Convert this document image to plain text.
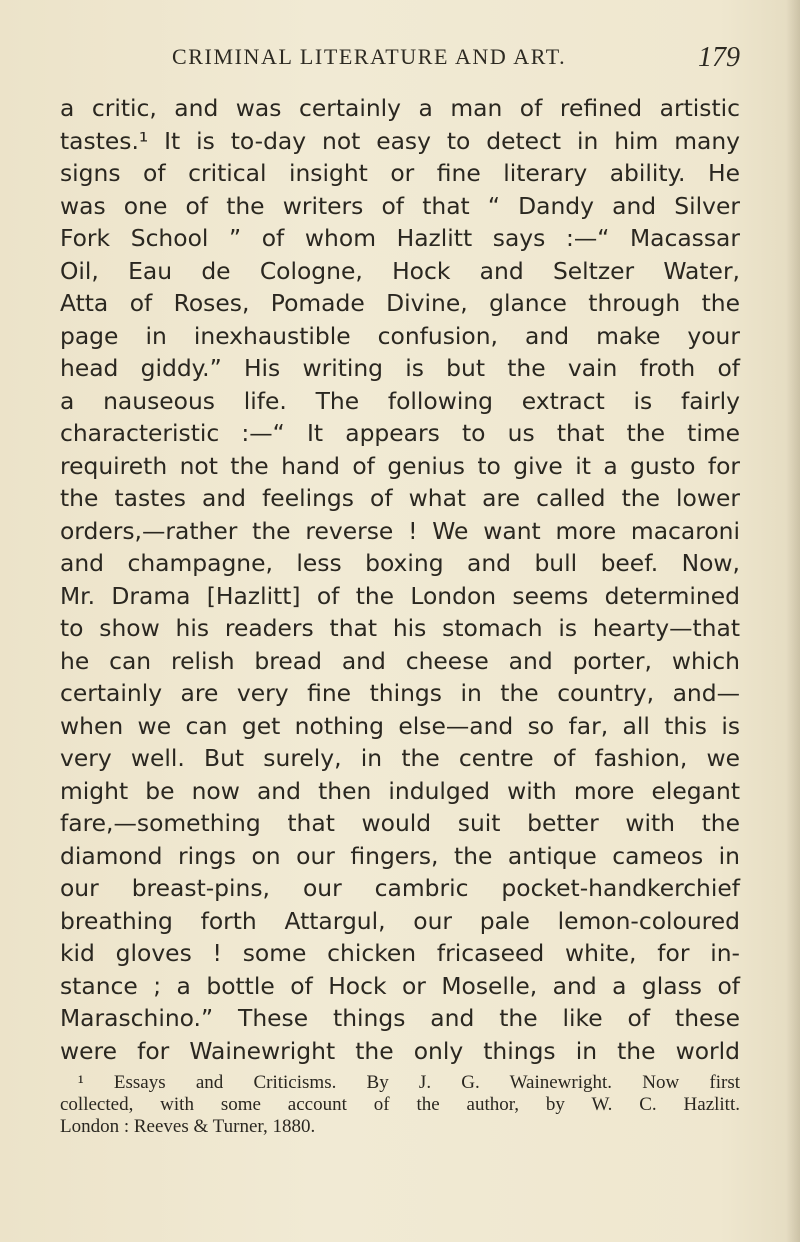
CRIMINAL LITERATURE AND ART.	179
a critic, and was certainly a man of refined artistic
tastes.¹ It is to-day not easy to detect in him many
signs of critical insight or fine literary ability. He
was one of the writers of that “ Dandy and Silver
Fork School ” of whom Hazlitt says :—“ Macassar
Oil, Eau de Cologne, Hock and Seltzer Water,
Atta of Roses, Pomade Divine, glance through the
page in inexhaustible confusion, and make your
head giddy.” His writing is but the vain froth of
a nauseous life. The following extract is fairly
characteristic :—“ It appears to us that the time
requireth not the hand of genius to give it a gusto for
the tastes and feelings of what are called the lower
orders,—rather the reverse ! We want more macaroni
and champagne, less boxing and bull beef. Now,
Mr. Drama [Hazlitt] of the London seems determined
to show his readers that his stomach is hearty—that
he can relish bread and cheese and porter, which
certainly are very fine things in the country, and—
when we can get nothing else—and so far, all this is
very well. But surely, in the centre of fashion, we
might be now and then indulged with more elegant
fare,—something that would suit better with the
diamond rings on our fingers, the antique cameos in
our breast-pins, our cambric pocket-handkerchief
breathing forth Attargul, our pale lemon-coloured
kid gloves ! some chicken fricaseed white, for in-
stance ; a bottle of Hock or Moselle, and a glass of
Maraschino.” These things and the like of these
were for Wainewright the only things in the world
¹ Essays and Criticisms. By J. G. Wainewright. Now first
collected, with some account of the author, by W. C. Hazlitt.
London : Reeves & Turner, 1880.
